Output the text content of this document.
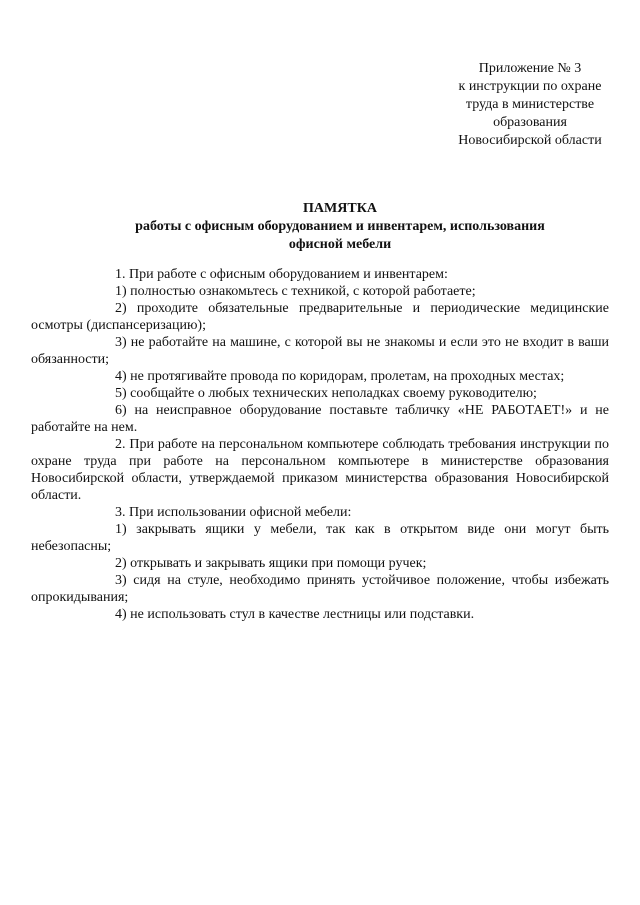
Приложение № 3
к инструкции по охране
труда в министерстве
образования
Новосибирской области
ПАМЯТКА
работы с офисным оборудованием и инвентарем, использования
офисной мебели

1. При работе с офисным оборудованием и инвентарем:

1) полностью ознакомьтесь с техникой, с которой работаете;

2) проходите обязательные предварительные и периодические медицинские осмотры (диспансеризацию);

3) не работайте на машине, с которой вы не знакомы и если это не входит в ваши обязанности;

4) не протягивайте провода по коридорам, пролетам, на проходных местах;

5) сообщайте о любых технических неполадках своему руководителю;

6) на неисправное оборудование поставьте табличку «НЕ РАБОТАЕТ!» и не работайте на нем.

2. При работе на персональном компьютере соблюдать требования инструкции по охране труда при работе на персональном компьютере в министерстве образования Новосибирской области, утверждаемой приказом министерства образования Новосибирской области.

3. При использовании офисной мебели:

1) закрывать ящики у мебели, так как в открытом виде они могут быть небезопасны;

2) открывать и закрывать ящики при помощи ручек;

3) сидя на стуле, необходимо принять устойчивое положение, чтобы избежать опрокидывания;

4) не использовать стул в качестве лестницы или подставки.
